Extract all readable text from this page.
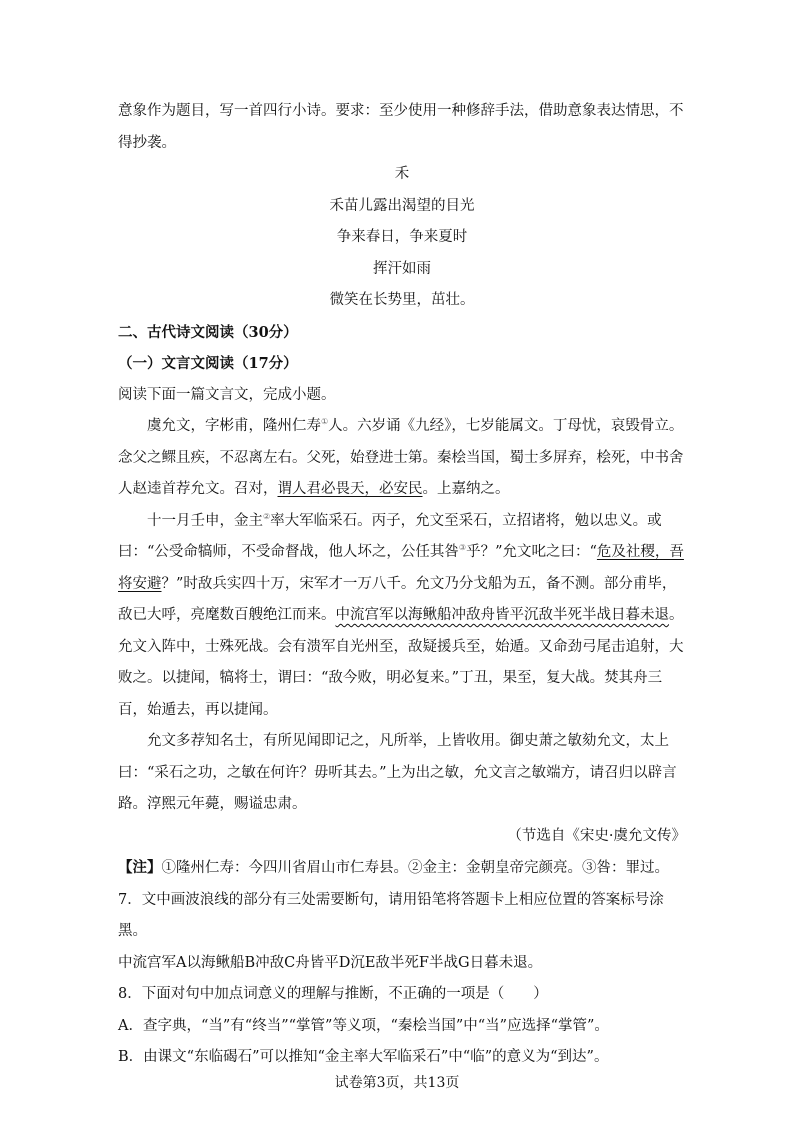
意象作为题目，写一首四行小诗。要求：至少使用一种修辞手法，借助意象表达情思，不

得抄袭。

禾

禾苗儿露出渴望的目光

争来春日，争来夏时

挥汗如雨

微笑在长势里，茁壮。

二、古代诗文阅读（30分）

（一）文言文阅读（17分）

阅读下面一篇文言文，完成小题。

虞允文，字彬甫，隆州仁寿①人。六岁诵《九经》，七岁能属文。丁母忧，哀毁骨立。念父之鳏且疾，不忍离左右。父死，始登进士第。秦桧当国，蜀士多屏弃，桧死，中书舍人赵逵首荐允文。召对，谓人君必畏天，必安民。上嘉纳之。

十一月壬申，金主②率大军临采石。丙子，允文至采石，立招诸将，勉以忠义。或曰：“公受命犒师，不受命督战，他人坏之，公任其咎③乎？”允文叱之曰：“危及社稷，吾将安避？”时敌兵实四十万，宋军才一万八千。允文乃分戈船为五，备不测。部分甫毕，敌已大呼，亮麾数百艘绝江而来。中流宫军以海鳅船冲敌舟皆平沉敌半死半战日暮未退。允文入阵中，士殊死战。会有溃军自光州至，敌疑援兵至，始遁。又命劲弓尾击追射，大败之。以捷闻，犒将士，谓曰：“敌今败，明必复来。”丁丑，果至，复大战。焚其舟三百，始遁去，再以捷闻。

允文多荐知名士，有所见闻即记之，凡所举，上皆收用。御史萧之敏劾允文，太上曰：“采石之功，之敏在何许？毋听其去。”上为出之敏，允文言之敏端方，请召归以辟言路。淳熙元年薨，赐谥忠肃。

（节选自《宋史·虞允文传》

【注】①隆州仁寿：今四川省眉山市仁寿县。②金主：金朝皇帝完颜亮。③咎：罪过。

7．文中画波浪线的部分有三处需要断句，请用铅笔将答题卡上相应位置的答案标号涂黑。

中流宫军A以海鳅船B冲敌C舟皆平D沉E敌半死F半战G日暮未退。

8．下面对句中加点词意义的理解与推断，不正确的一项是（　　）

A．查字典，“当”有“终当”“掌管”等义项，“秦桧当国”中“当”应选择“掌管”。

B．由课文“东临碣石”可以推知“金主率大军临采石”中“临”的意义为“到达”。

试卷第3页，共13页
